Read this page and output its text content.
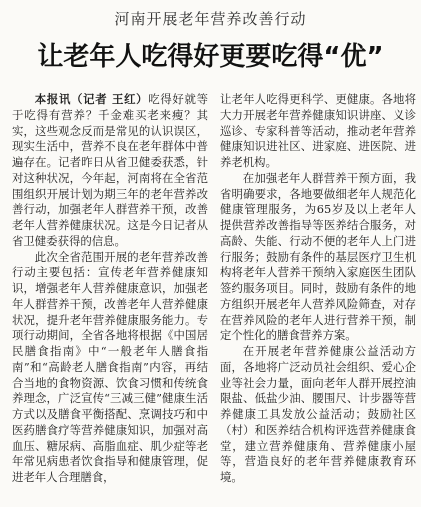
河南开展老年营养改善行动
让老年人吃得好更要吃得“优”

本报讯（记者 王红）吃得好就等于吃得有营养？千金难买老来瘦？其实，这些观念反而是常见的认识误区，现实生活中，营养不良在老年群体中普遍存在。记者昨日从省卫健委获悉，针对这种状况，今年起，河南将在全省范围组织开展计划为期三年的老年营养改善行动，加强老年人群营养干预，改善老年人营养健康状况。这是今日记者从省卫健委获得的信息。

此次全省范围开展的老年营养改善行动主要包括：宣传老年营养健康知识，增强老年人营养健康意识，加强老年人群营养干预，改善老年人营养健康状况，提升老年营养健康服务能力。专项行动期间，全省各地将根据《中国居民膳食指南》中“一般老年人膳食指南”和“高龄老人膳食指南”内容，再结合当地的食物资源、饮食习惯和传统食养理念，广泛宣传“三减三健”健康生活方式以及膳食平衡搭配、烹调技巧和中医药膳食疗等营养健康知识，加强对高血压、糖尿病、高脂血症、肌少症等老年常见病患者饮食指导和健康管理，促进老年人合理膳食，

让老年人吃得更科学、更健康。各地将大力开展老年营养健康知识讲座、义诊巡诊、专家科普等活动，推动老年营养健康知识进社区、进家庭、进医院、进养老机构。

在加强老年人群营养干预方面，我省明确要求，各地要做细老年人规范化健康管理服务，为65岁及以上老年人提供营养改善指导等医养结合服务，对高龄、失能、行动不便的老年人上门进行服务；鼓励有条件的基层医疗卫生机构将老年人营养干预纳入家庭医生团队签约服务项目。同时，鼓励有条件的地方组织开展老年人营养风险筛查，对存在营养风险的老年人进行营养干预，制定个性化的膳食营养方案。

在开展老年营养健康公益活动方面，各地将广泛动员社会组织、爱心企业等社会力量，面向老年人群开展控油限盐、低盐少油、腰围尺、计步器等营养健康工具发放公益活动；鼓励社区（村）和医养结合机构评选营养健康食堂，建立营养健康角、营养健康小屋等，营造良好的老年营养健康教育环境。
